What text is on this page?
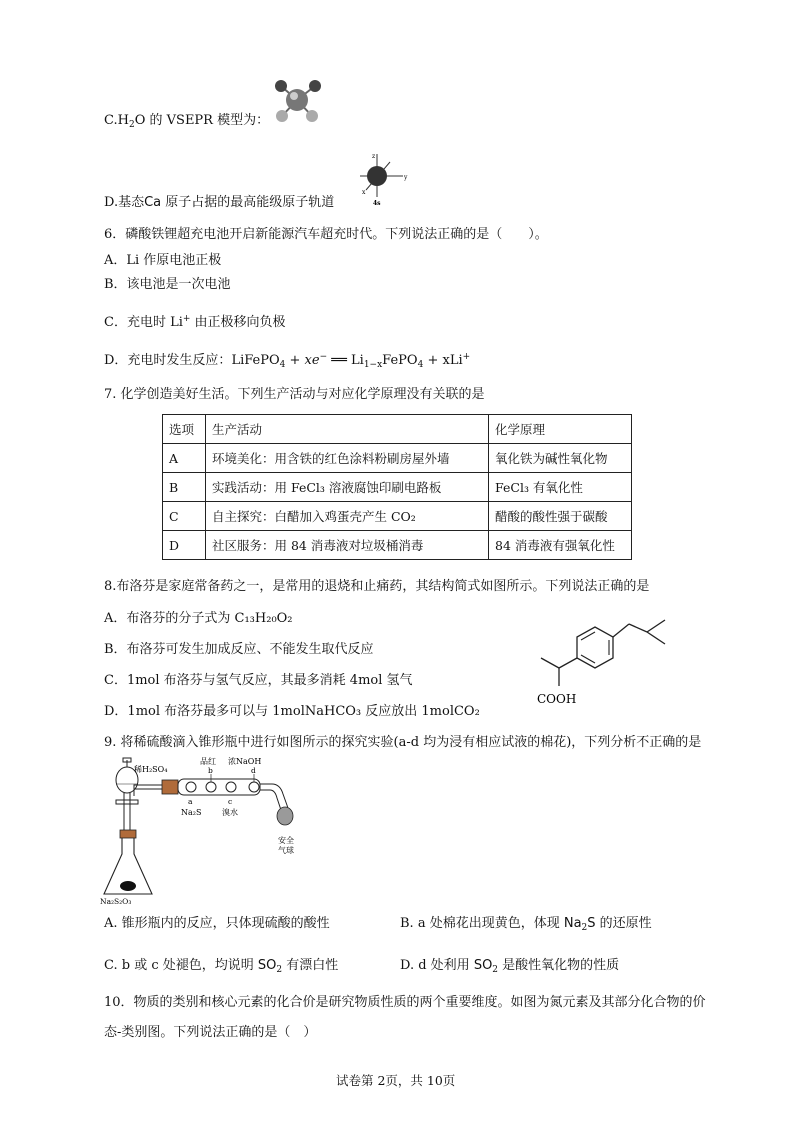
$C.H_2O$ 的 VSEPR 模型为：
D.基态Ca 原子占据的最高能级原子轨道
z
x
y
4s
6．磷酸铁锂超充电池开启新能源汽车超充时代。下列说法正确的是（　　）。
A．Li 作原电池正极
B．该电池是一次电池
C．充电时 Li+ 由正极移向负极
D．充电时发生反应：LiFePO$_4$ + xe− ══ $Li_{1-x}FePO_4 + xLi^+$
7. 化学创造美好生活。下列生产活动与对应化学原理没有关联的是
选项	生产活动	化学原理
A	环境美化：用含铁的红色涂料粉刷房屋外墙	氧化铁为碱性氧化物
B	实践活动：用 FeCl₃ 溶液腐蚀印刷电路板	FeCl₃ 有氧化性
C	自主探究：白醋加入鸡蛋壳产生 CO₂	醋酸的酸性强于碳酸
D	社区服务：用 84 消毒液对垃圾桶消毒	84 消毒液有强氧化性
8.布洛芬是家庭常备药之一，是常用的退烧和止痛药，其结构简式如图所示。下列说法正确的是
A．布洛芬的分子式为 C₁₃H₂₀O₂
B．布洛芬可发生加成反应、不能发生取代反应
C．1mol 布洛芬与氢气反应，其最多消耗 4mol 氢气
D．1mol 布洛芬最多可以与 1molNaHCO₃ 反应放出 1molCO₂
COOH
9. 将稀硫酸滴入锥形瓶中进行如图所示的探究实验(a-d 均为浸有相应试液的棉花)，下列分析不正确的是
稀H₂SO₄
Na₂S₂O₃
品红
b
浓NaOH
d
a
Na₂S
c
溴水
安全
气球
A. 锥形瓶内的反应，只体现硫酸的酸性	B. a 处棉花出现黄色，体现 $Na_2S$ 的还原性
C. b 或 c 处褪色，均说明 $SO_2$ 有漂白性	D. d 处利用 $SO_2$ 是酸性氧化物的性质
10．物质的类别和核心元素的化合价是研究物质性质的两个重要维度。如图为氮元素及其部分化合物的价
态-类别图。下列说法正确的是（　）
试卷第 2页，共 10页
